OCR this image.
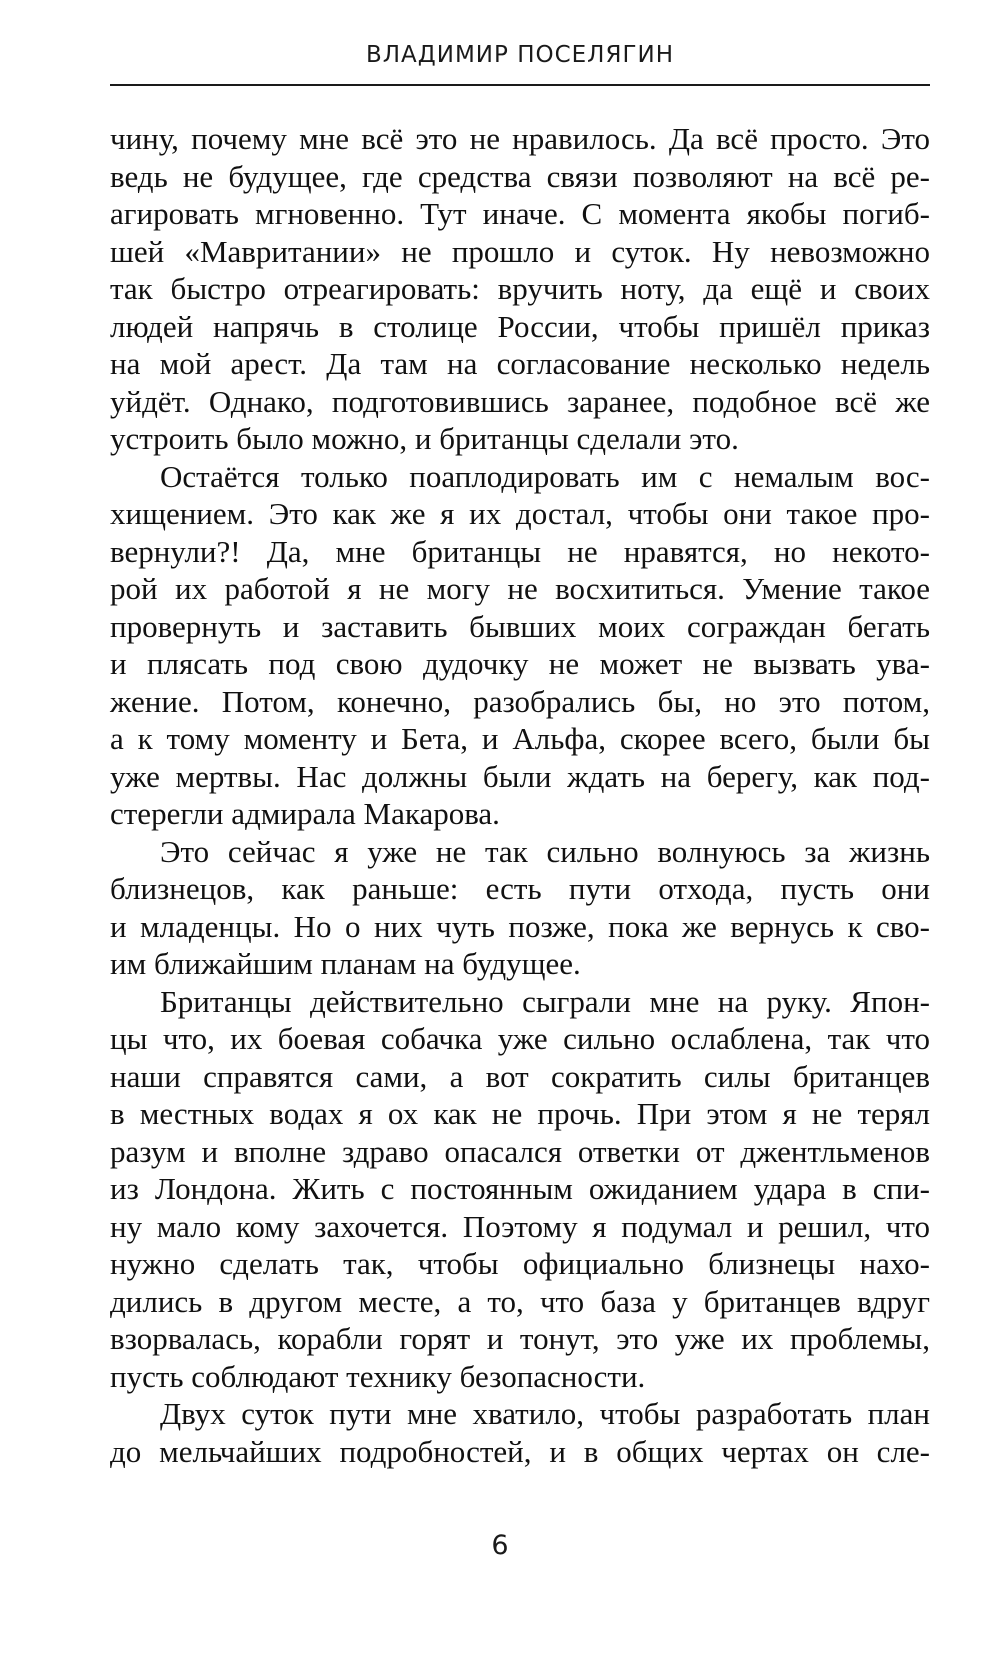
ВЛАДИМИР ПОСЕЛЯГИН
чину, почему мне всё это не нравилось. Да всё просто. Это
ведь не будущее, где средства связи позволяют на всё ре-
агировать мгновенно. Тут иначе. С момента якобы погиб-
шей «Мавритании» не прошло и суток. Ну невозможно
так быстро отреагировать: вручить ноту, да ещё и своих
людей напрячь в столице России, чтобы пришёл приказ
на мой арест. Да там на согласование несколько недель
уйдёт. Однако, подготовившись заранее, подобное всё же
устроить было можно, и британцы сделали это.
Остаётся только поаплодировать им с немалым вос-
хищением. Это как же я их достал, чтобы они такое про-
вернули?! Да, мне британцы не нравятся, но некото-
рой их работой я не могу не восхититься. Умение такое
провернуть и заставить бывших моих сограждан бегать
и плясать под свою дудочку не может не вызвать ува-
жение. Потом, конечно, разобрались бы, но это потом,
а к тому моменту и Бета, и Альфа, скорее всего, были бы
уже мертвы. Нас должны были ждать на берегу, как под-
стерегли адмирала Макарова.
Это сейчас я уже не так сильно волнуюсь за жизнь
близнецов, как раньше: есть пути отхода, пусть они
и младенцы. Но о них чуть позже, пока же вернусь к сво-
им ближайшим планам на будущее.
Британцы действительно сыграли мне на руку. Япон-
цы что, их боевая собачка уже сильно ослаблена, так что
наши справятся сами, а вот сократить силы британцев
в местных водах я ох как не прочь. При этом я не терял
разум и вполне здраво опасался ответки от джентльменов
из Лондона. Жить с постоянным ожиданием удара в спи-
ну мало кому захочется. Поэтому я подумал и решил, что
нужно сделать так, чтобы официально близнецы нахо-
дились в другом месте, а то, что база у британцев вдруг
взорвалась, корабли горят и тонут, это уже их проблемы,
пусть соблюдают технику безопасности.
Двух суток пути мне хватило, чтобы разработать план
до мельчайших подробностей, и в общих чертах он сле-
6
